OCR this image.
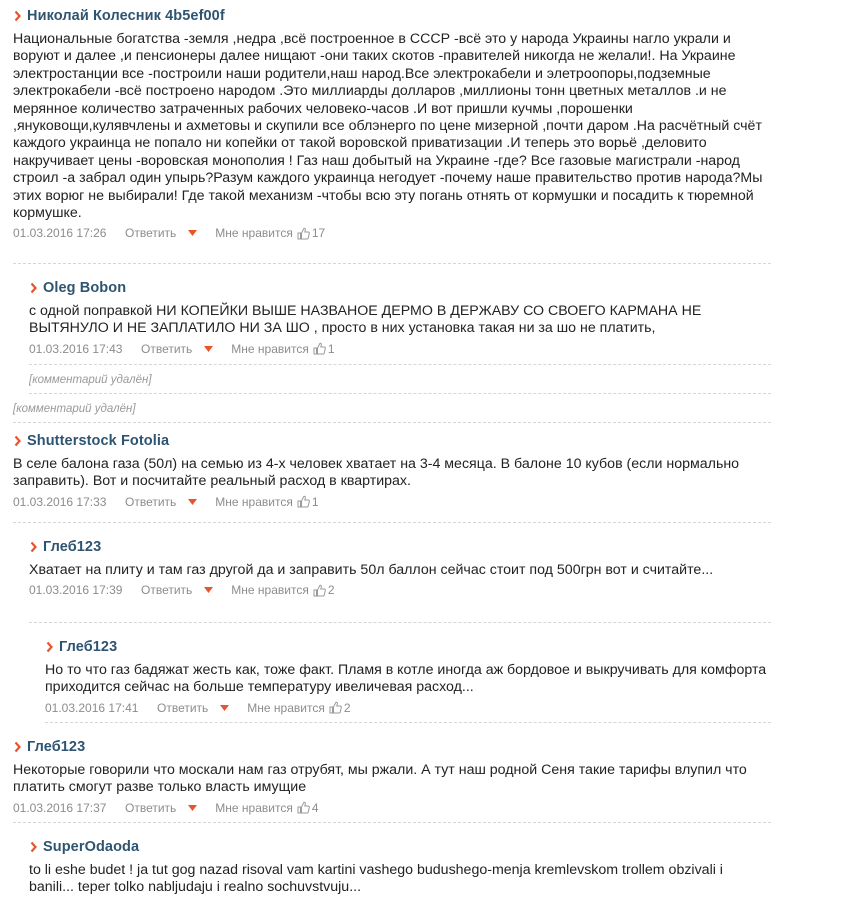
Николай Колесник 4b5ef00f
Национальные богатства -земля ,недра ,всё построенное в СССР -всё это у народа Украины нагло украли и воруют и далее ,и пенсионеры далее нищают -они таких скотов -правителей никогда не желали!. На Украине электростанции все -построили наши родители,наш народ.Все электрокабели и элетроопоры,подземные электрокабели -всё построено народом .Это миллиарды долларов ,миллионы тонн цветных металлов .и не мерянное количество затраченных рабочих человеко-часов .И вот пришли кучмы ,порошенки ,януковощи,кулявчлены и ахметовы и скупили все облэнерго по цене мизерной ,почти даром .На расчётный счёт каждого украинца не попало ни копейки от такой воровской приватизации .И теперь это ворьё ,деловито накручивает цены -воровская монополия ! Газ наш добытый на Украине -где? Все газовые магистрали -народ строил -а забрал один упырь?Разум каждого украинца негодует -почему наше правительство против народа?Мы этих ворюг не выбирали! Где такой механизм -чтобы всю эту погань отнять от кормушки и посадить к тюремной кормушке.
01.03.2016 17:26	Ответить	Мне нравится 17
Oleg Bobon
с одной поправкой НИ КОПЕЙКИ ВЫШЕ НАЗВАНОЕ ДЕРМО В ДЕРЖАВУ СО СВОЕГО КАРМАНА НЕ ВЫТЯНУЛО И НЕ ЗАПЛАТИЛО НИ ЗА ШО , просто в них установка такая ни за шо не платить,
01.03.2016 17:43	Ответить	Мне нравится 1
[комментарий удалён]
[комментарий удалён]
Shutterstock Fotolia
В селе балона газа (50л) на семью из 4-х человек хватает на 3-4 месяца. В балоне 10 кубов (если нормально заправить). Вот и посчитайте реальный расход в квартирах.
01.03.2016 17:33	Ответить	Мне нравится 1
Глеб123
Хватает на плиту и там газ другой да и заправить 50л баллон сейчас стоит под 500грн вот и считайте...
01.03.2016 17:39	Ответить	Мне нравится 2
Глеб123
Но то что газ бадяжат жесть как, тоже факт. Пламя в котле иногда аж бордовое и выкручивать для комфорта приходится сейчас на больше температуру ивеличевая расход...
01.03.2016 17:41	Ответить	Мне нравится 2
Глеб123
Некоторые говорили что москали нам газ отрубят, мы ржали. А тут наш родной Сеня такие тарифы влупил что платить смогут разве только власть имущие
01.03.2016 17:37	Ответить	Мне нравится 4
SuperOdaoda
to li eshe budet ! ja tut gog nazad risoval vam kartini vashego budushego-menja kremlevskom trollem obzivali i banili... teper tolko nabljudaju i realno sochuvstvuju...
